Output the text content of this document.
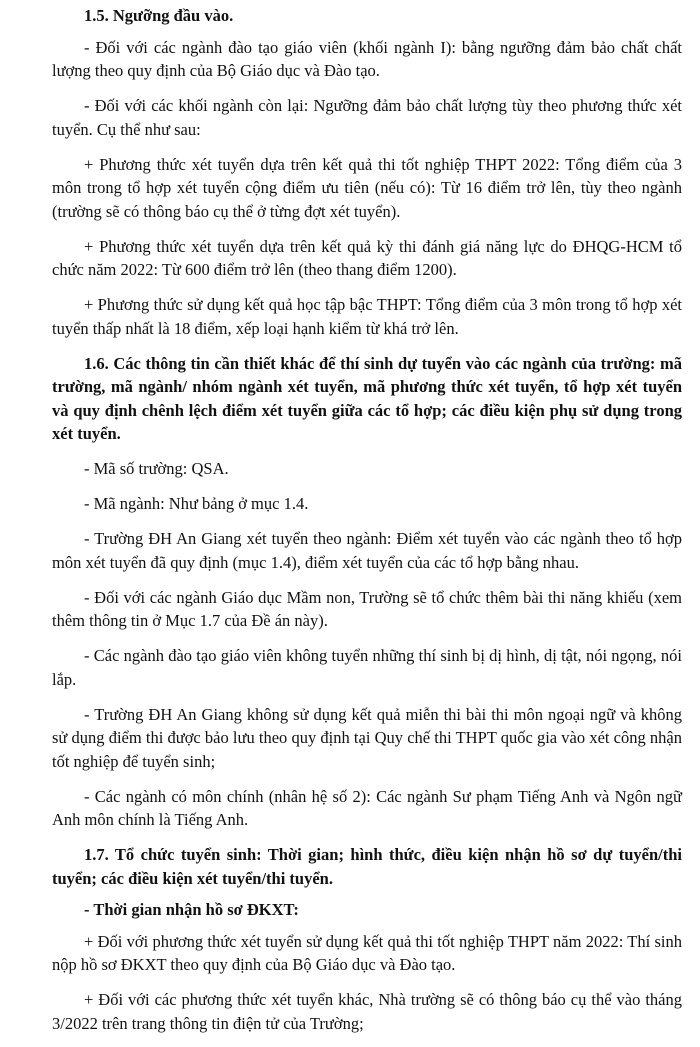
1.5. Ngưỡng đầu vào.

- Đối với các ngành đào tạo giáo viên (khối ngành I): bằng ngưỡng đảm bảo chất chất lượng theo quy định của Bộ Giáo dục và Đào tạo.

- Đối với các khối ngành còn lại: Ngưỡng đảm bảo chất lượng tùy theo phương thức xét tuyển. Cụ thể như sau:

+ Phương thức xét tuyển dựa trên kết quả thi tốt nghiệp THPT 2022: Tổng điểm của 3 môn trong tổ hợp xét tuyển cộng điểm ưu tiên (nếu có): Từ 16 điểm trở lên, tùy theo ngành (trường sẽ có thông báo cụ thể ở từng đợt xét tuyển).

+ Phương thức xét tuyển dựa trên kết quả kỳ thi đánh giá năng lực do ĐHQG-HCM tổ chức năm 2022: Từ 600 điểm trở lên (theo thang điểm 1200).

+ Phương thức sử dụng kết quả học tập bậc THPT: Tổng điểm của 3 môn trong tổ hợp xét tuyển thấp nhất là 18 điểm, xếp loại hạnh kiểm từ khá trở lên.

1.6. Các thông tin cần thiết khác để thí sinh dự tuyển vào các ngành của trường: mã trường, mã ngành/ nhóm ngành xét tuyển, mã phương thức xét tuyển, tổ hợp xét tuyển và quy định chênh lệch điểm xét tuyển giữa các tổ hợp; các điều kiện phụ sử dụng trong xét tuyển.

- Mã số trường: QSA.

- Mã ngành: Như bảng ở mục 1.4.

- Trường ĐH An Giang xét tuyển theo ngành: Điểm xét tuyển vào các ngành theo tổ hợp môn xét tuyển đã quy định (mục 1.4), điểm xét tuyển của các tổ hợp bằng nhau.

- Đối với các ngành Giáo dục Mầm non, Trường sẽ tổ chức thêm bài thi năng khiếu (xem thêm thông tin ở Mục 1.7 của Đề án này).

- Các ngành đào tạo giáo viên không tuyển những thí sinh bị dị hình, dị tật, nói ngọng, nói lắp.

- Trường ĐH An Giang không sử dụng kết quả miễn thi bài thi môn ngoại ngữ và không sử dụng điểm thi được bảo lưu theo quy định tại Quy chế thi THPT quốc gia vào xét công nhận tốt nghiệp để tuyển sinh;

- Các ngành có môn chính (nhân hệ số 2): Các ngành Sư phạm Tiếng Anh và Ngôn ngữ Anh môn chính là Tiếng Anh.

1.7. Tổ chức tuyển sinh: Thời gian; hình thức, điều kiện nhận hồ sơ dự tuyển/thi tuyển; các điều kiện xét tuyển/thi tuyển.

- Thời gian nhận hồ sơ ĐKXT:

+ Đối với phương thức xét tuyển sử dụng kết quả thi tốt nghiệp THPT năm 2022: Thí sinh nộp hồ sơ ĐKXT theo quy định của Bộ Giáo dục và Đào tạo.

+ Đối với các phương thức xét tuyển khác, Nhà trường sẽ có thông báo cụ thể vào tháng 3/2022 trên trang thông tin điện tử của Trường;
